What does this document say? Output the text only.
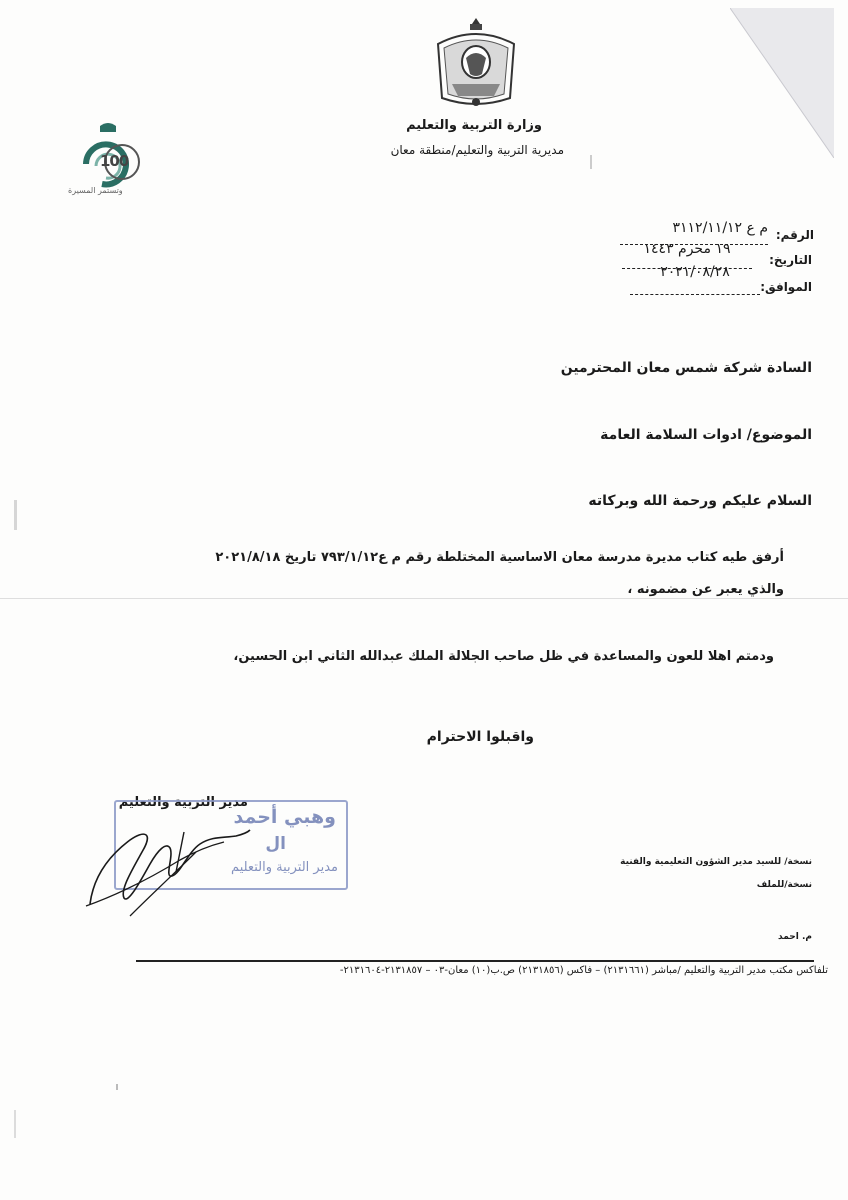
100
وتستمر المسيرة
وزارة التربية والتعليم
مديرية التربية والتعليم/منطقة معان
الرقم:
م ع ٣١١٢/١١/١٢
التاريخ:
١٩ محرم ١٤٤٣
الموافق:
٢٠٢١/٠٨/٢٨
السادة شركة شمس معان المحترمين
الموضوع/ ادوات السلامة العامة
السلام عليكم ورحمة الله وبركاته
أرفق طيه كتاب مديرة مدرسة معان الاساسية المختلطة رقم م ع٧٩٣/١/١٢ تاريخ ٢٠٢١/٨/١٨
والذي يعبر عن مضمونه ،
ودمتم اهلا للعون والمساعدة في ظل صاحب الجلالة الملك عبدالله الثاني ابن الحسين،
واقبلوا الاحترام
مدير التربية والتعليم
وهبي أحمد
ال
مدير التربية والتعليم	نسخة/ للسيد مدير الشؤون التعليمية والفنية
نسخة/للملف
م. احمد
تلفاكس مكتب مدير التربية والتعليم /مباشر (٢١٣١٦٦١) – فاكس (٢١٣١٨٥٦) ص.ب(١٠) معان-٠٣ – ٢١٣١٨٥٧-٢١٣١٦٠٤-
